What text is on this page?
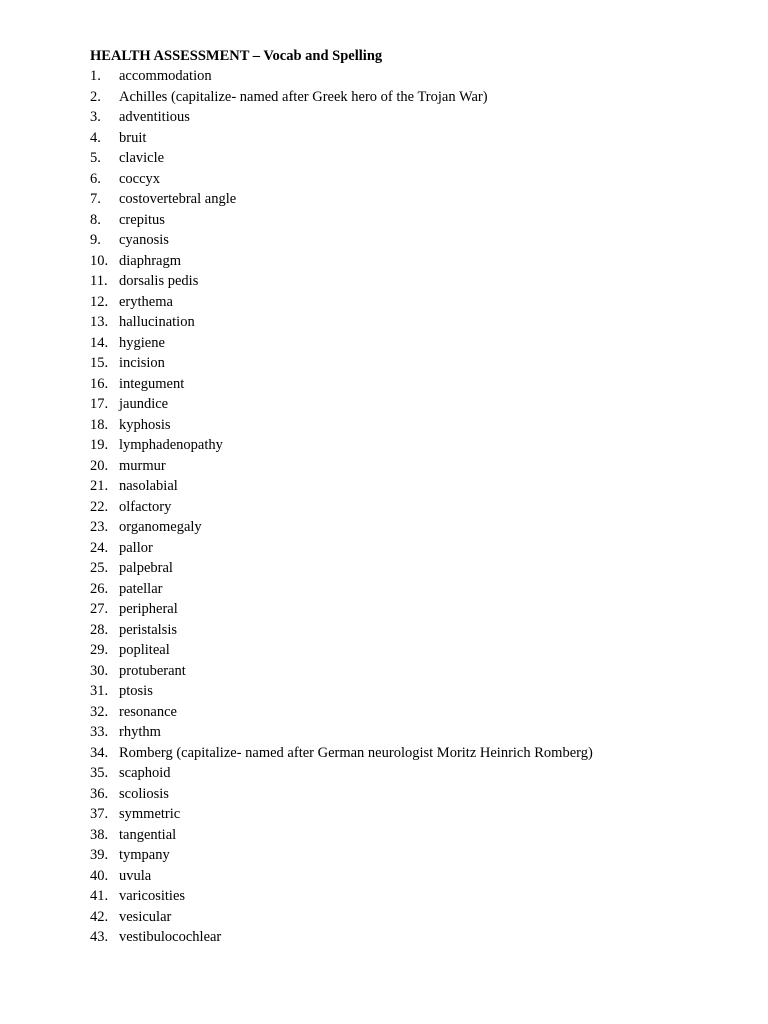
HEALTH ASSESSMENT – Vocab and Spelling
1. accommodation
2. Achilles (capitalize- named after Greek hero of the Trojan War)
3. adventitious
4. bruit
5. clavicle
6. coccyx
7. costovertebral angle
8. crepitus
9. cyanosis
10. diaphragm
11. dorsalis pedis
12. erythema
13. hallucination
14. hygiene
15. incision
16. integument
17. jaundice
18. kyphosis
19. lymphadenopathy
20. murmur
21. nasolabial
22. olfactory
23. organomegaly
24. pallor
25. palpebral
26. patellar
27. peripheral
28. peristalsis
29. popliteal
30. protuberant
31. ptosis
32. resonance
33. rhythm
34. Romberg (capitalize- named after German neurologist Moritz Heinrich Romberg)
35. scaphoid
36. scoliosis
37. symmetric
38. tangential
39. tympany
40. uvula
41. varicosities
42. vesicular
43. vestibulocochlear
